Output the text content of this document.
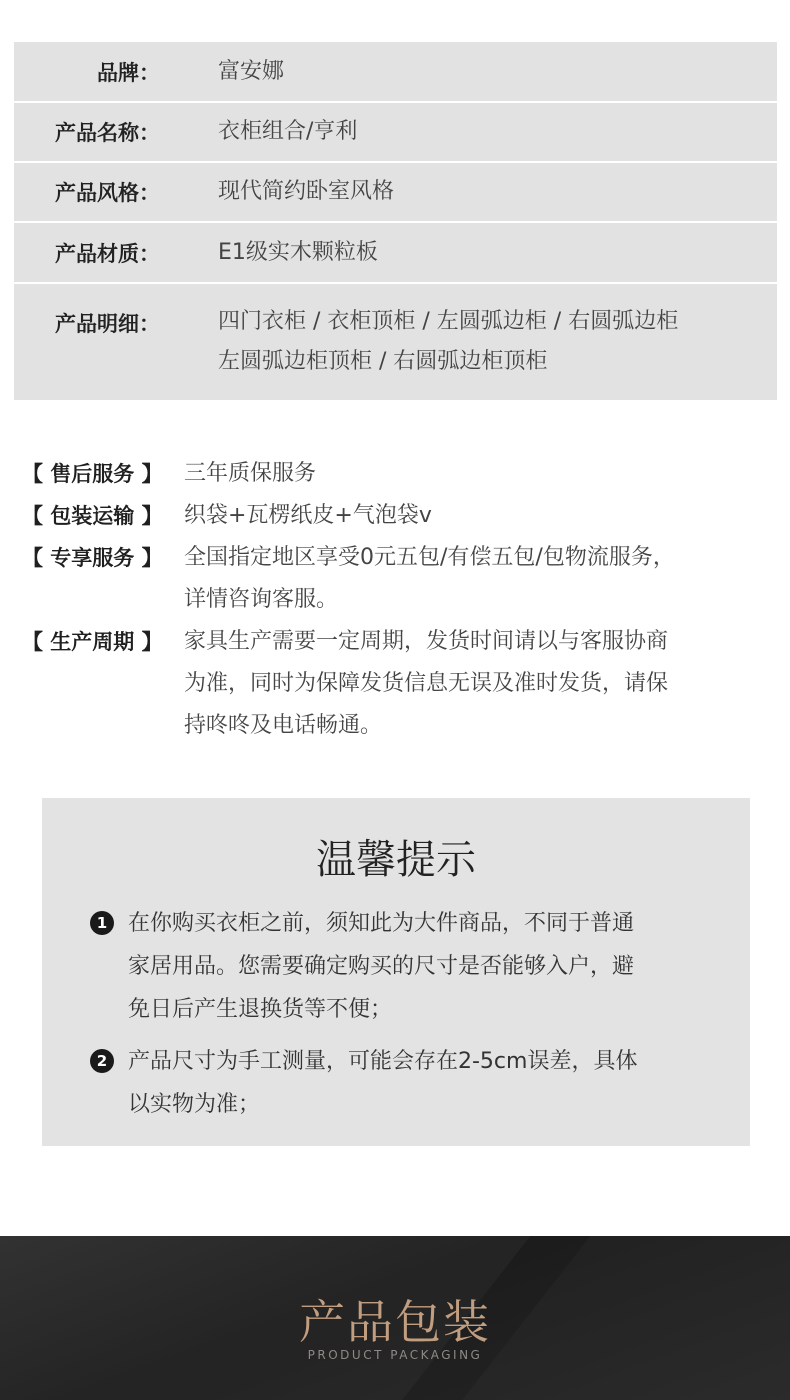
品牌：	富安娜
产品名称：	衣柜组合/亨利
产品风格：	现代简约卧室风格
产品材质：	E1级实木颗粒板
产品明细：	四门衣柜 / 衣柜顶柜 / 左圆弧边柜 / 右圆弧边柜
左圆弧边柜顶柜 / 右圆弧边柜顶柜
【 售后服务 】 三年质保服务
【 包装运输 】 织袋+瓦楞纸皮+气泡袋v
【 专享服务 】 全国指定地区享受0元五包/有偿五包/包物流服务，
详情咨询客服。
【 生产周期 】 家具生产需要一定周期，发货时间请以与客服协商
为准，同时为保障发货信息无误及准时发货，请保
持咚咚及电话畅通。
温馨提示
1 在你购买衣柜之前，须知此为大件商品，不同于普通
家居用品。您需要确定购买的尺寸是否能够入户，避
免日后产生退换货等不便；
2 产品尺寸为手工测量，可能会存在2-5cm误差，具体
以实物为准；
产品包装
PRODUCT PACKAGING
